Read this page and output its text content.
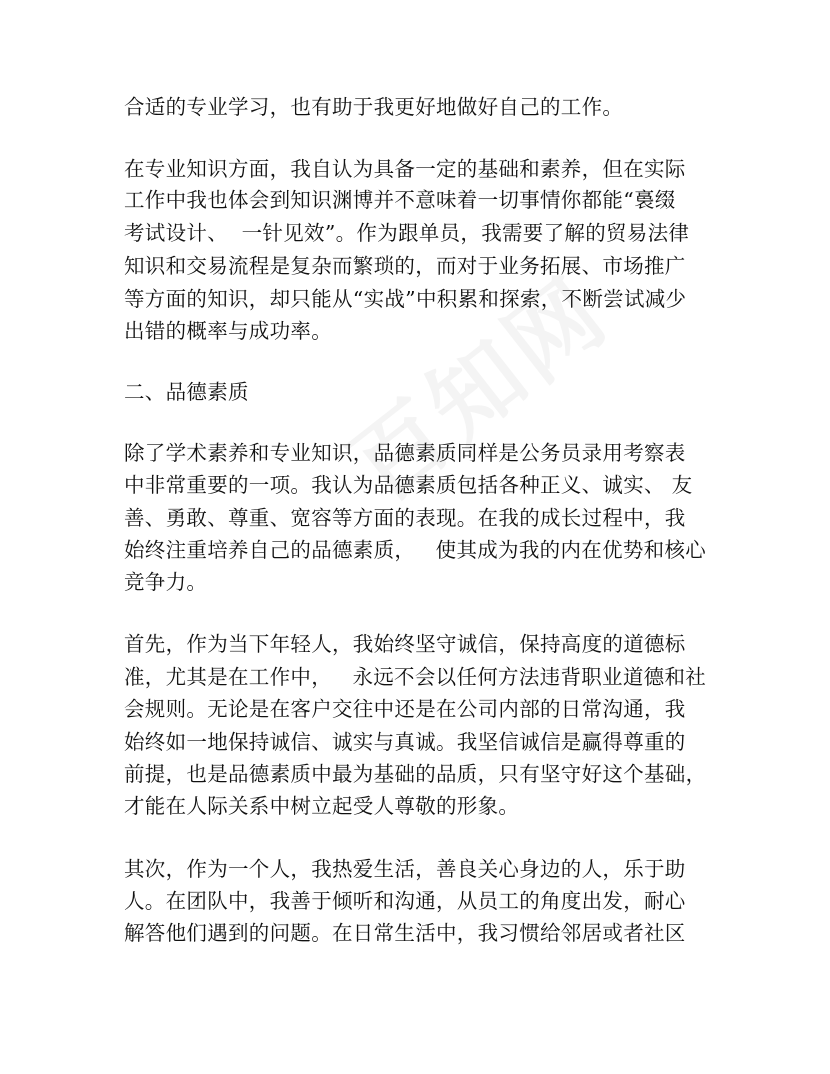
合适的专业学习，也有助于我更好地做好自己的工作。
在专业知识方面，我自认为具备一定的基础和素养，但在实际
工作中我也体会到知识渊博并不意味着一切事情你都能“裛缀
考试设计、  一针见效”。作为跟单员，我需要了解的贸易法律
知识和交易流程是复杂而繁琐的，而对于业务拓展、市场推广
等方面的知识，却只能从“实战”中积累和探索，不断尝试减少
出错的概率与成功率。
二、品德素质
除了学术素养和专业知识，品德素质同样是公务员录用考察表
中非常重要的一项。我认为品德素质包括各种正义、诚实、 友
善、勇敢、尊重、宽容等方面的表现。在我的成长过程中，我
始终注重培养自己的品德素质，   使其成为我的内在优势和核心
竞争力。
首先，作为当下年轻人，我始终坚守诚信，保持高度的道德标
准，尤其是在工作中，   永远不会以任何方法违背职业道德和社
会规则。无论是在客户交往中还是在公司内部的日常沟通，我
始终如一地保持诚信、诚实与真诚。我坚信诚信是赢得尊重的
前提，也是品德素质中最为基础的品质，只有坚守好这个基础，
才能在人际关系中树立起受人尊敬的形象。
其次，作为一个人，我热爱生活，善良关心身边的人，乐于助
人。在团队中，我善于倾听和沟通，从员工的角度出发，耐心
解答他们遇到的问题。在日常生活中，我习惯给邻居或者社区
